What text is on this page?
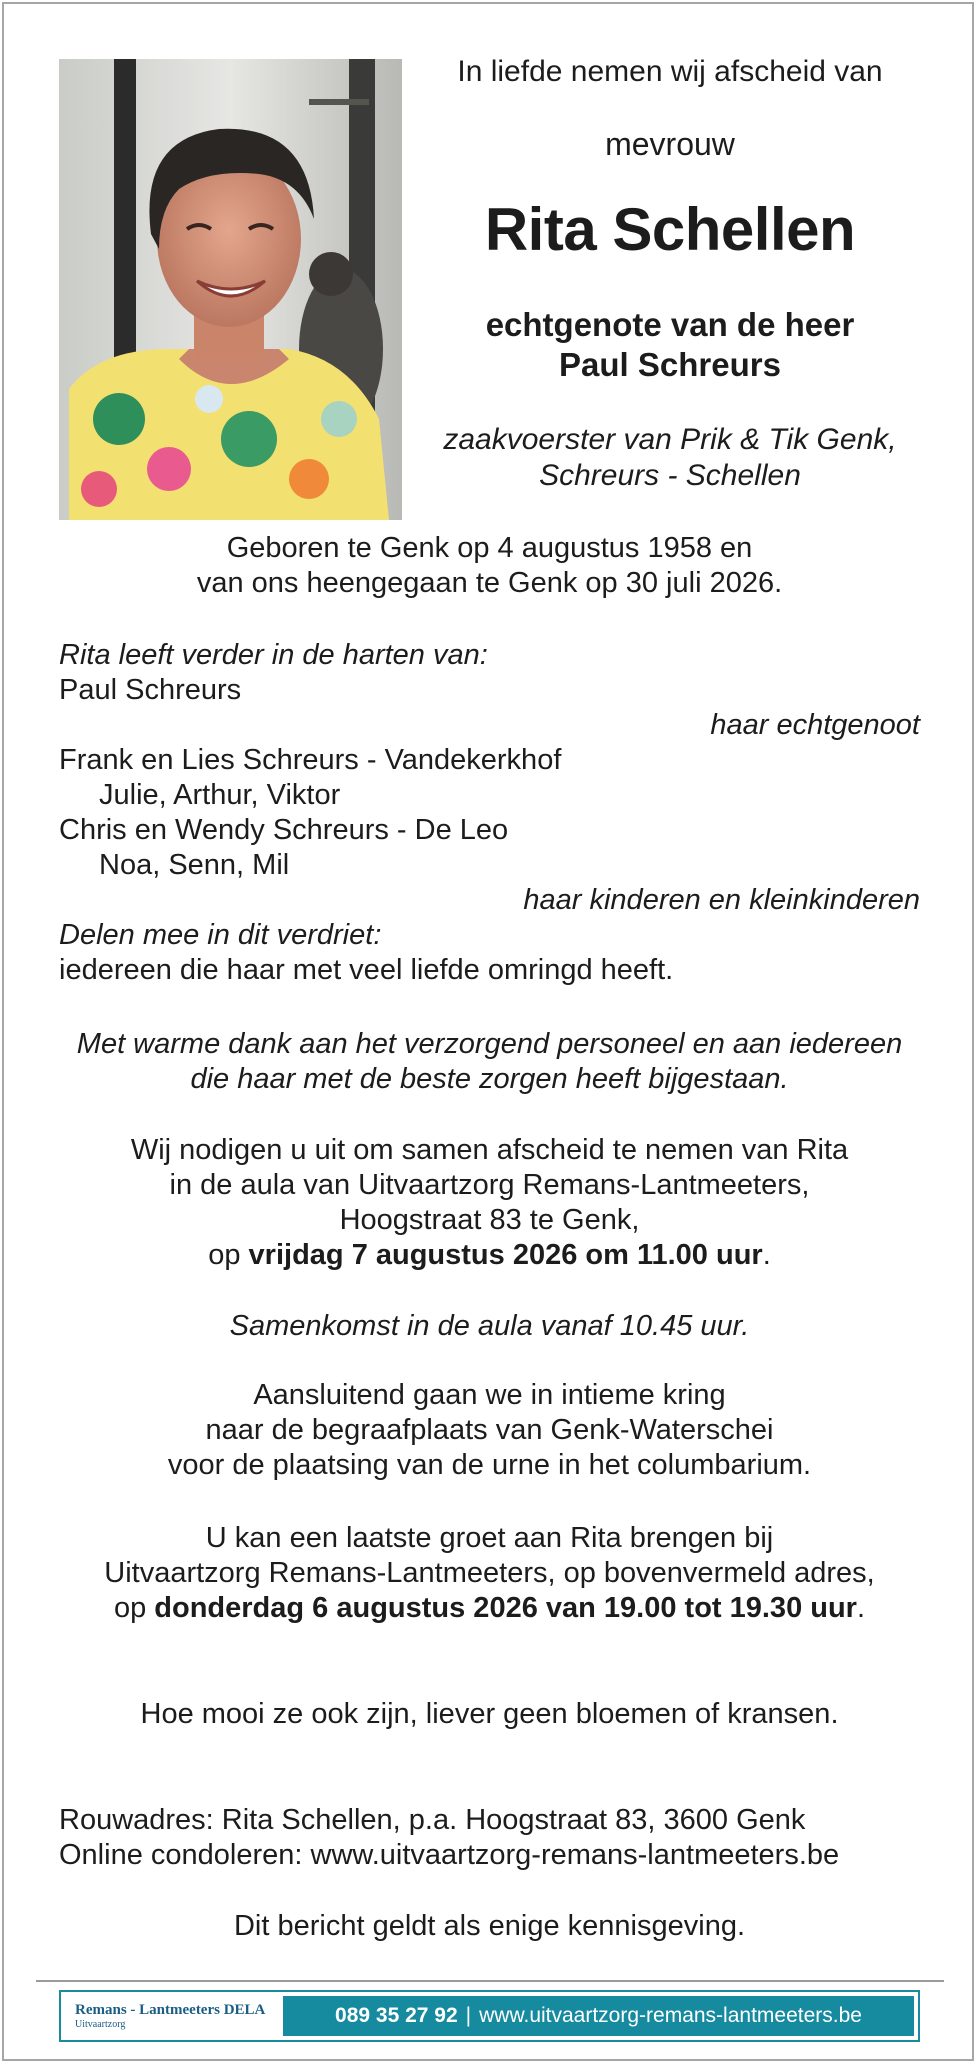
In liefde nemen wij afscheid van
mevrouw
Rita Schellen
echtgenote van de heer
Paul Schreurs
zaakvoerster van Prik & Tik Genk,
Schreurs - Schellen
Geboren te Genk op 4 augustus 1958 en
van ons heengegaan te Genk op 30 juli 2026.
Rita leeft verder in de harten van:
Paul Schreurs
haar echtgenoot
Frank en Lies Schreurs - Vandekerkhof
Julie, Arthur, Viktor
Chris en Wendy Schreurs - De Leo
Noa, Senn, Mil
haar kinderen en kleinkinderen
Delen mee in dit verdriet:
iedereen die haar met veel liefde omringd heeft.
Met warme dank aan het verzorgend personeel en aan iedereen
die haar met de beste zorgen heeft bijgestaan.
Wij nodigen u uit om samen afscheid te nemen van Rita
in de aula van Uitvaartzorg Remans-Lantmeeters,
Hoogstraat 83 te Genk,
op vrijdag 7 augustus 2026 om 11.00 uur.
Samenkomst in de aula vanaf 10.45 uur.
Aansluitend gaan we in intieme kring
naar de begraafplaats van Genk-Waterschei
voor de plaatsing van de urne in het columbarium.
U kan een laatste groet aan Rita brengen bij
Uitvaartzorg Remans-Lantmeeters, op bovenvermeld adres,
op donderdag 6 augustus 2026 van 19.00 tot 19.30 uur.
Hoe mooi ze ook zijn, liever geen bloemen of kransen.
Rouwadres: Rita Schellen, p.a. Hoogstraat 83, 3600 Genk
Online condoleren: www.uitvaartzorg-remans-lantmeeters.be
Dit bericht geldt als enige kennisgeving.
Remans - Lantmeeters DELA
Uitvaartzorg	089 35 27 92 | www.uitvaartzorg-remans-lantmeeters.be
